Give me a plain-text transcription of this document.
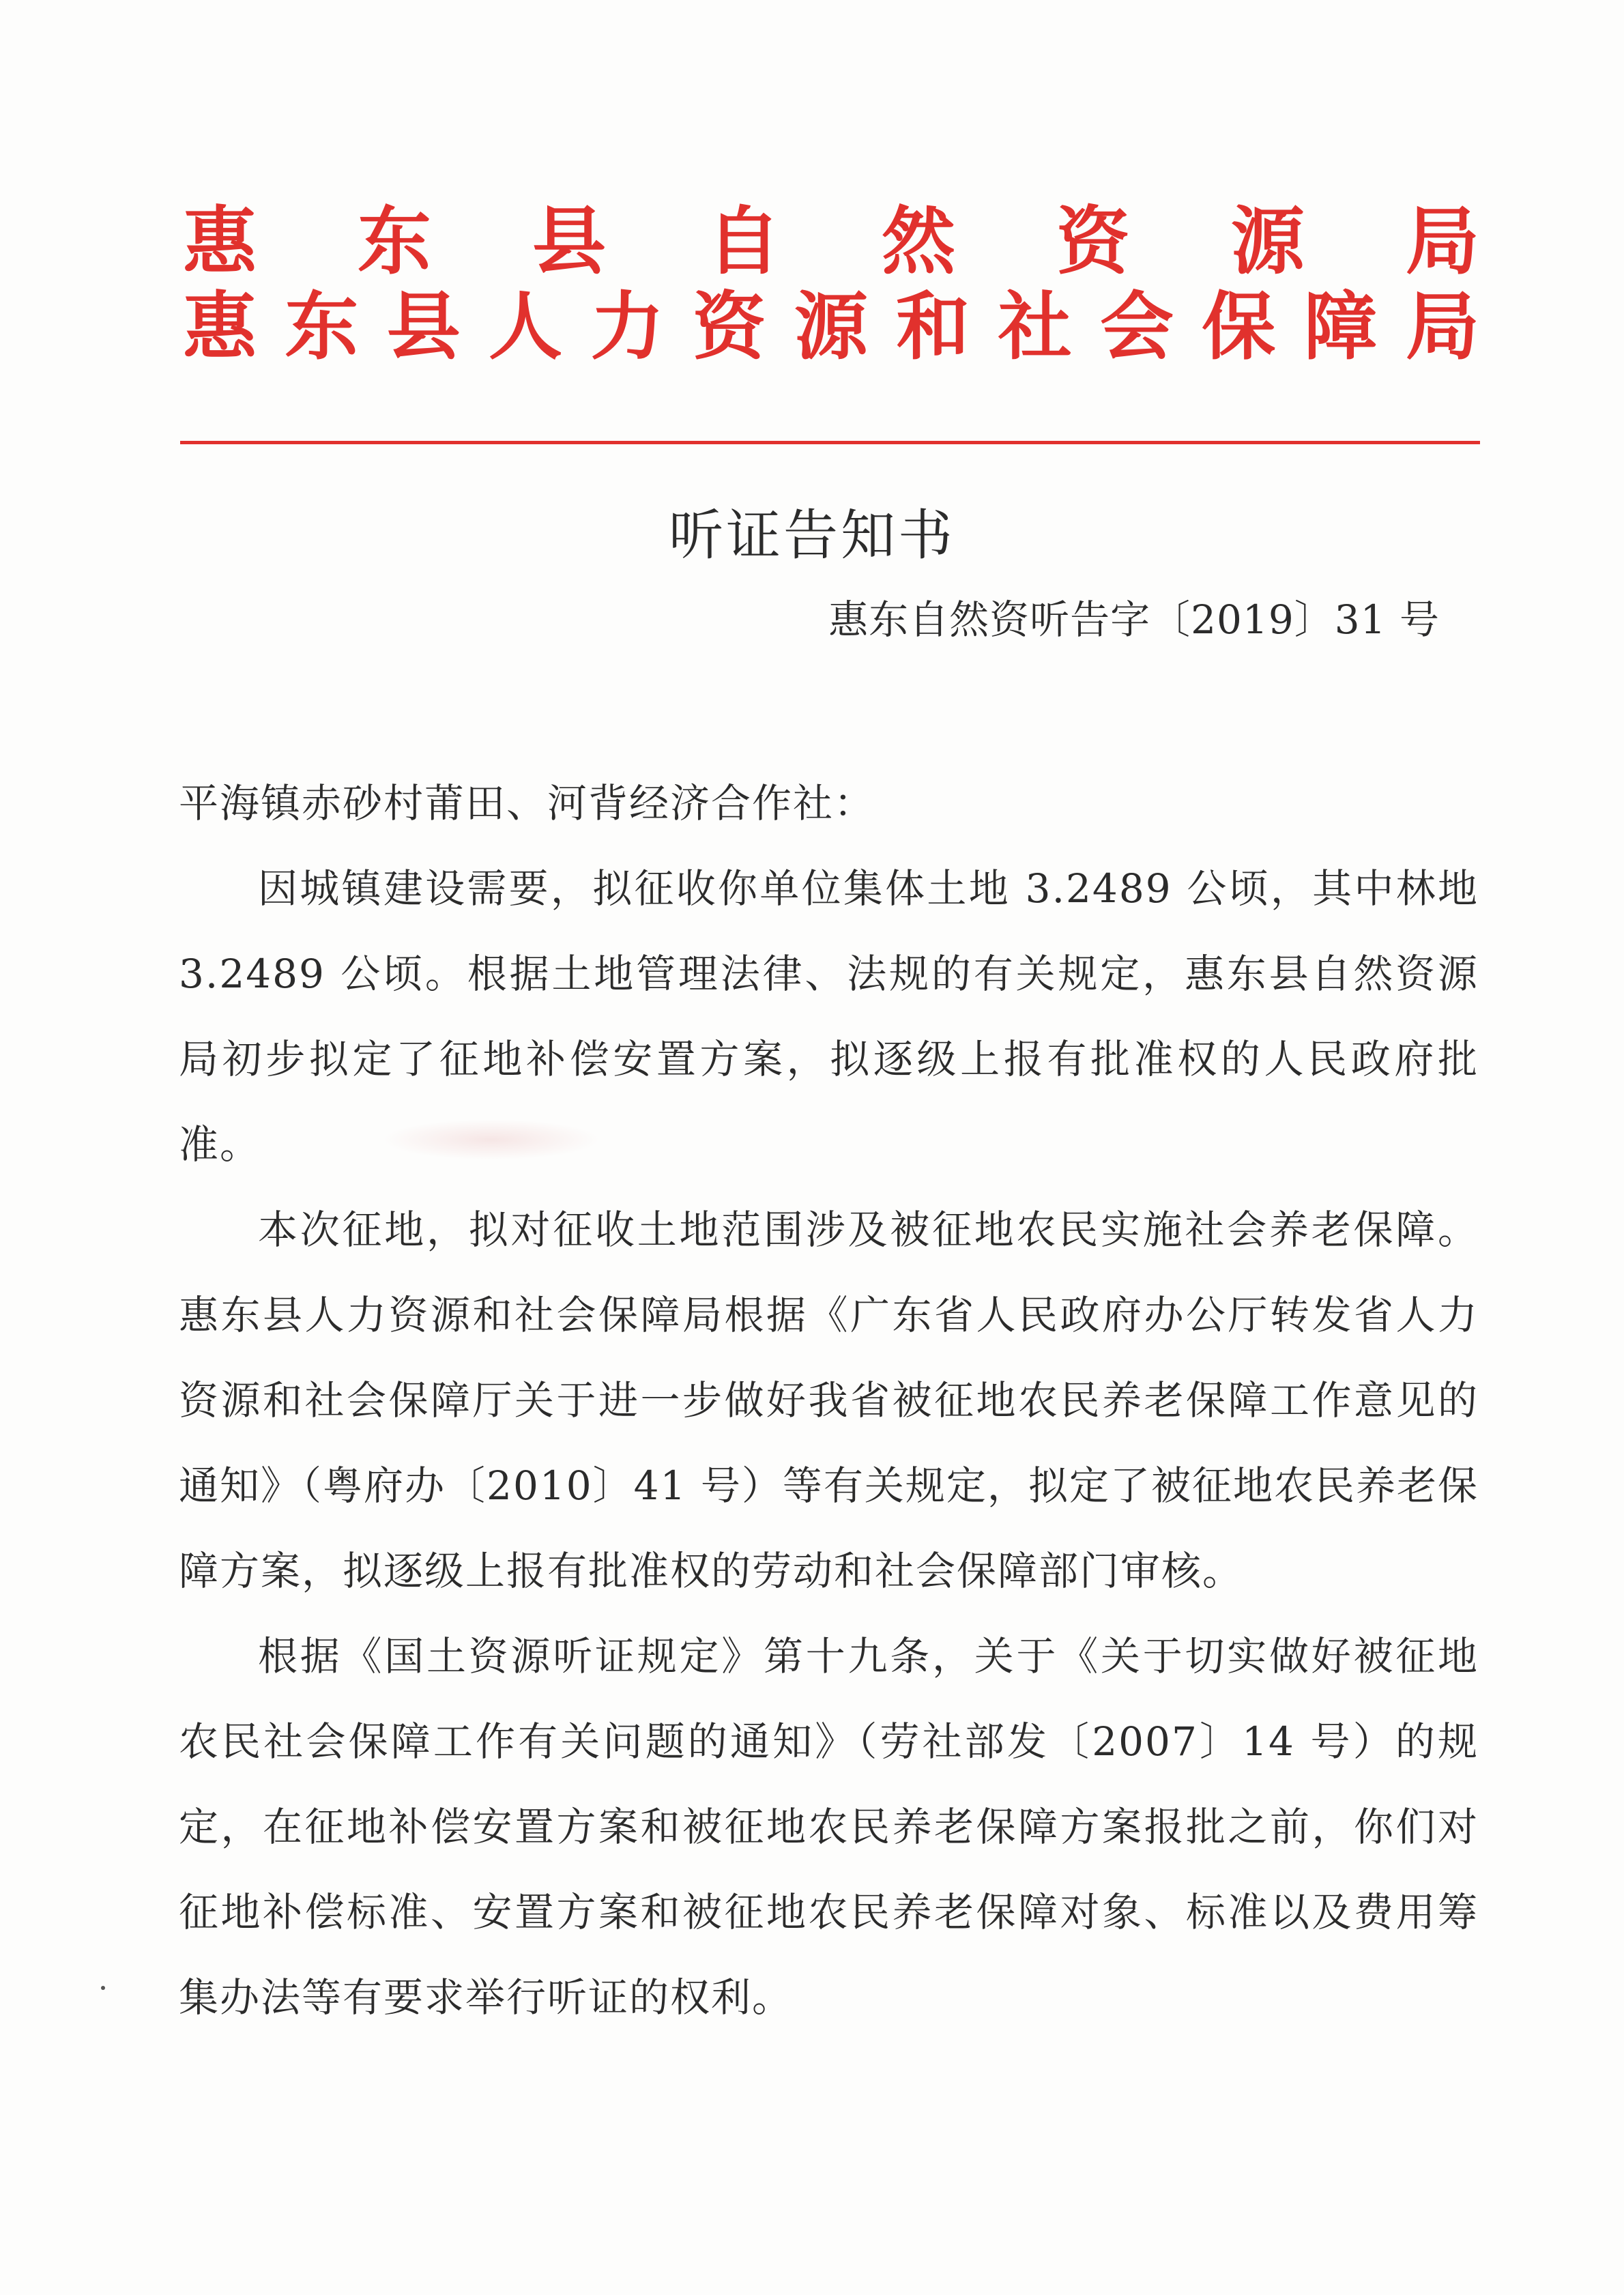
惠 东 县 自 然 资 源 局
惠 东 县 人 力 资 源 和 社 会 保 障 局
听证告知书
惠东自然资听告字〔2019〕31 号

平海镇赤砂村莆田、河背经济合作社：

因城镇建设需要，拟征收你单位集体土地 3.2489 公顷，其中林地 3.2489 公顷。根据土地管理法律、法规的有关规定，惠东县自然资源局初步拟定了征地补偿安置方案，拟逐级上报有批准权的人民政府批准。

本次征地，拟对征收土地范围涉及被征地农民实施社会养老保障。惠东县人力资源和社会保障局根据《广东省人民政府办公厅转发省人力资源和社会保障厅关于进一步做好我省被征地农民养老保障工作意见的通知》（粤府办〔2010〕41 号）等有关规定，拟定了被征地农民养老保障方案，拟逐级上报有批准权的劳动和社会保障部门审核。

根据《国土资源听证规定》第十九条，关于《关于切实做好被征地农民社会保障工作有关问题的通知》（劳社部发〔2007〕14 号）的规定，在征地补偿安置方案和被征地农民养老保障方案报批之前，你们对征地补偿标准、安置方案和被征地农民养老保障对象、标准以及费用筹集办法等有要求举行听证的权利。
